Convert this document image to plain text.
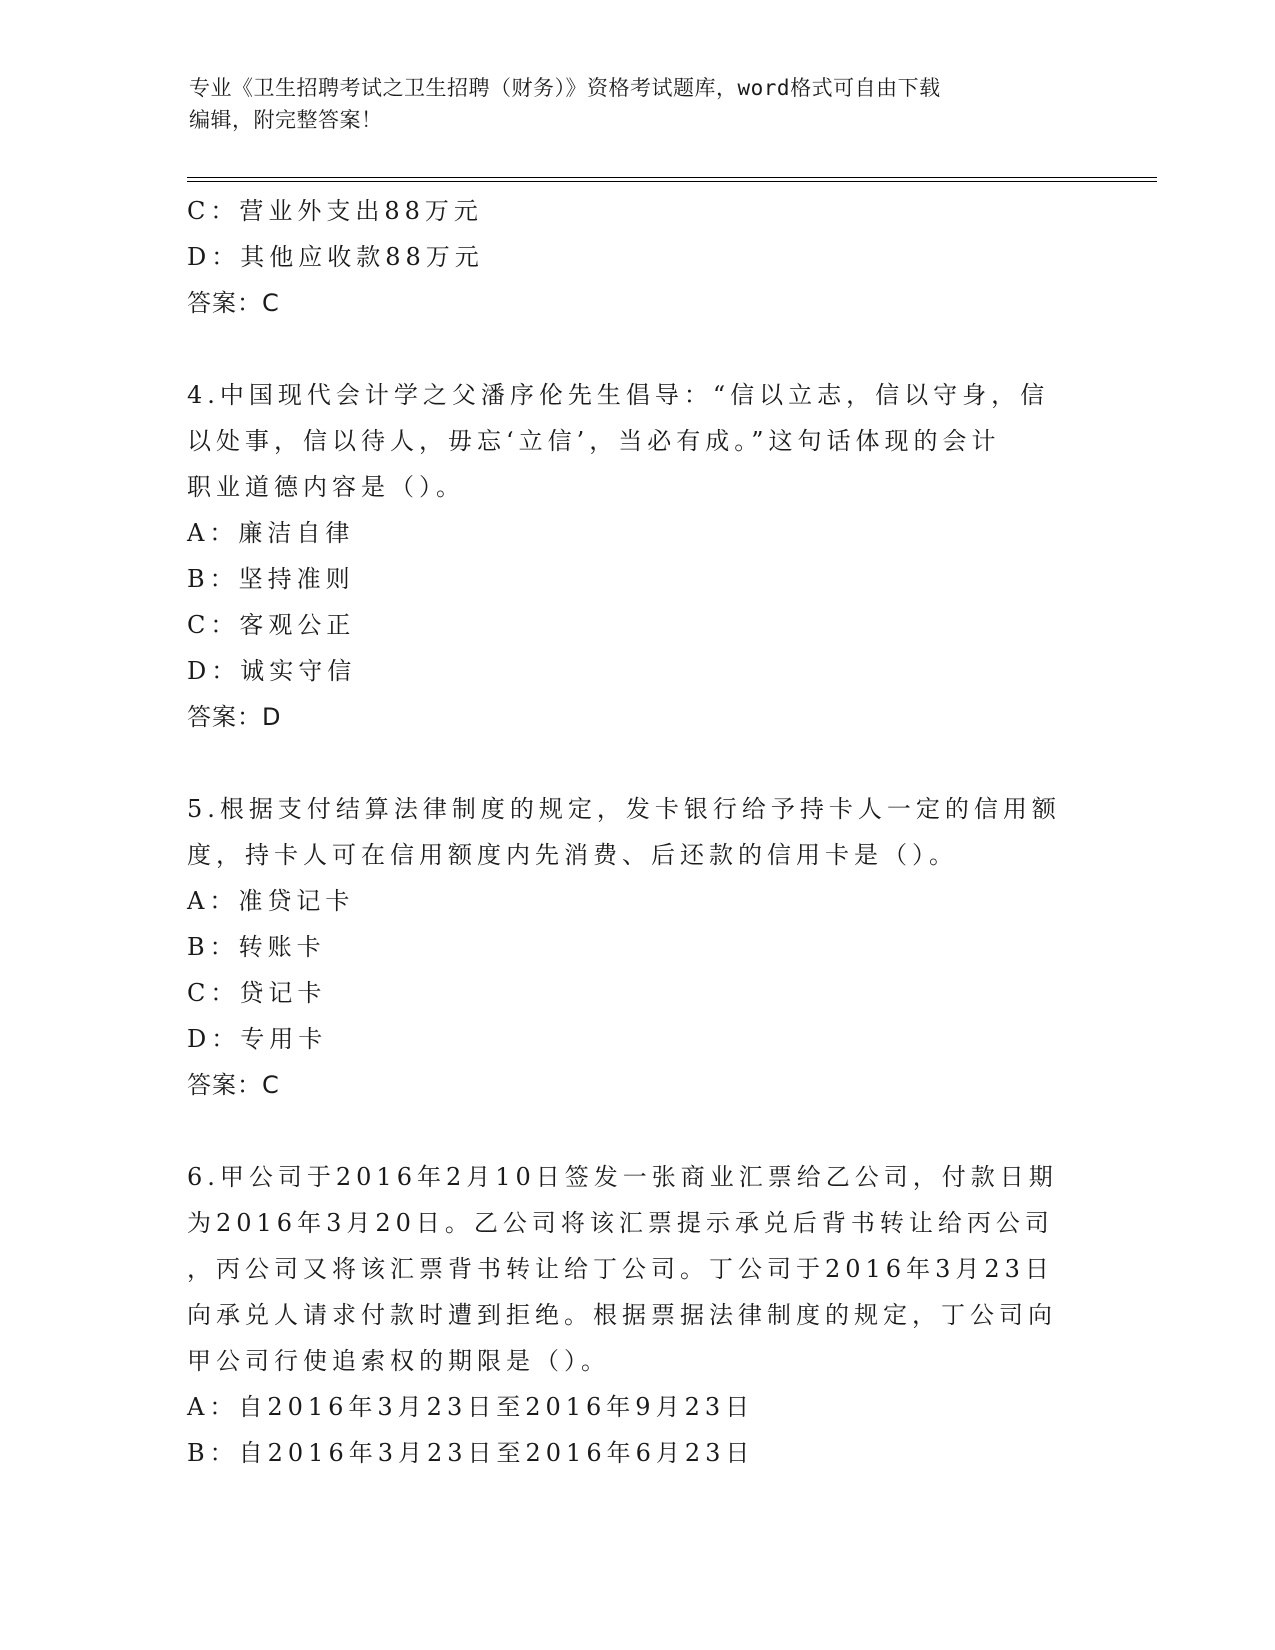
专业《卫生招聘考试之卫生招聘（财务）》资格考试题库，word格式可自由下载
编辑，附完整答案！
C：营业外支出88万元
D：其他应收款88万元
答案：C
4.中国现代会计学之父潘序伦先生倡导：“信以立志，信以守身，信
以处事，信以待人，毋忘‘立信’，当必有成。”这句话体现的会计
职业道德内容是（）。
A：廉洁自律
B：坚持准则
C：客观公正
D：诚实守信
答案：D
5.根据支付结算法律制度的规定，发卡银行给予持卡人一定的信用额
度，持卡人可在信用额度内先消费、后还款的信用卡是（）。
A：准贷记卡
B：转账卡
C：贷记卡
D：专用卡
答案：C
6.甲公司于2016年2月10日签发一张商业汇票给乙公司，付款日期
为2016年3月20日。乙公司将该汇票提示承兑后背书转让给丙公司
，丙公司又将该汇票背书转让给丁公司。丁公司于2016年3月23日
向承兑人请求付款时遭到拒绝。根据票据法律制度的规定，丁公司向
甲公司行使追索权的期限是（）。
A：自2016年3月23日至2016年9月23日
B：自2016年3月23日至2016年6月23日
